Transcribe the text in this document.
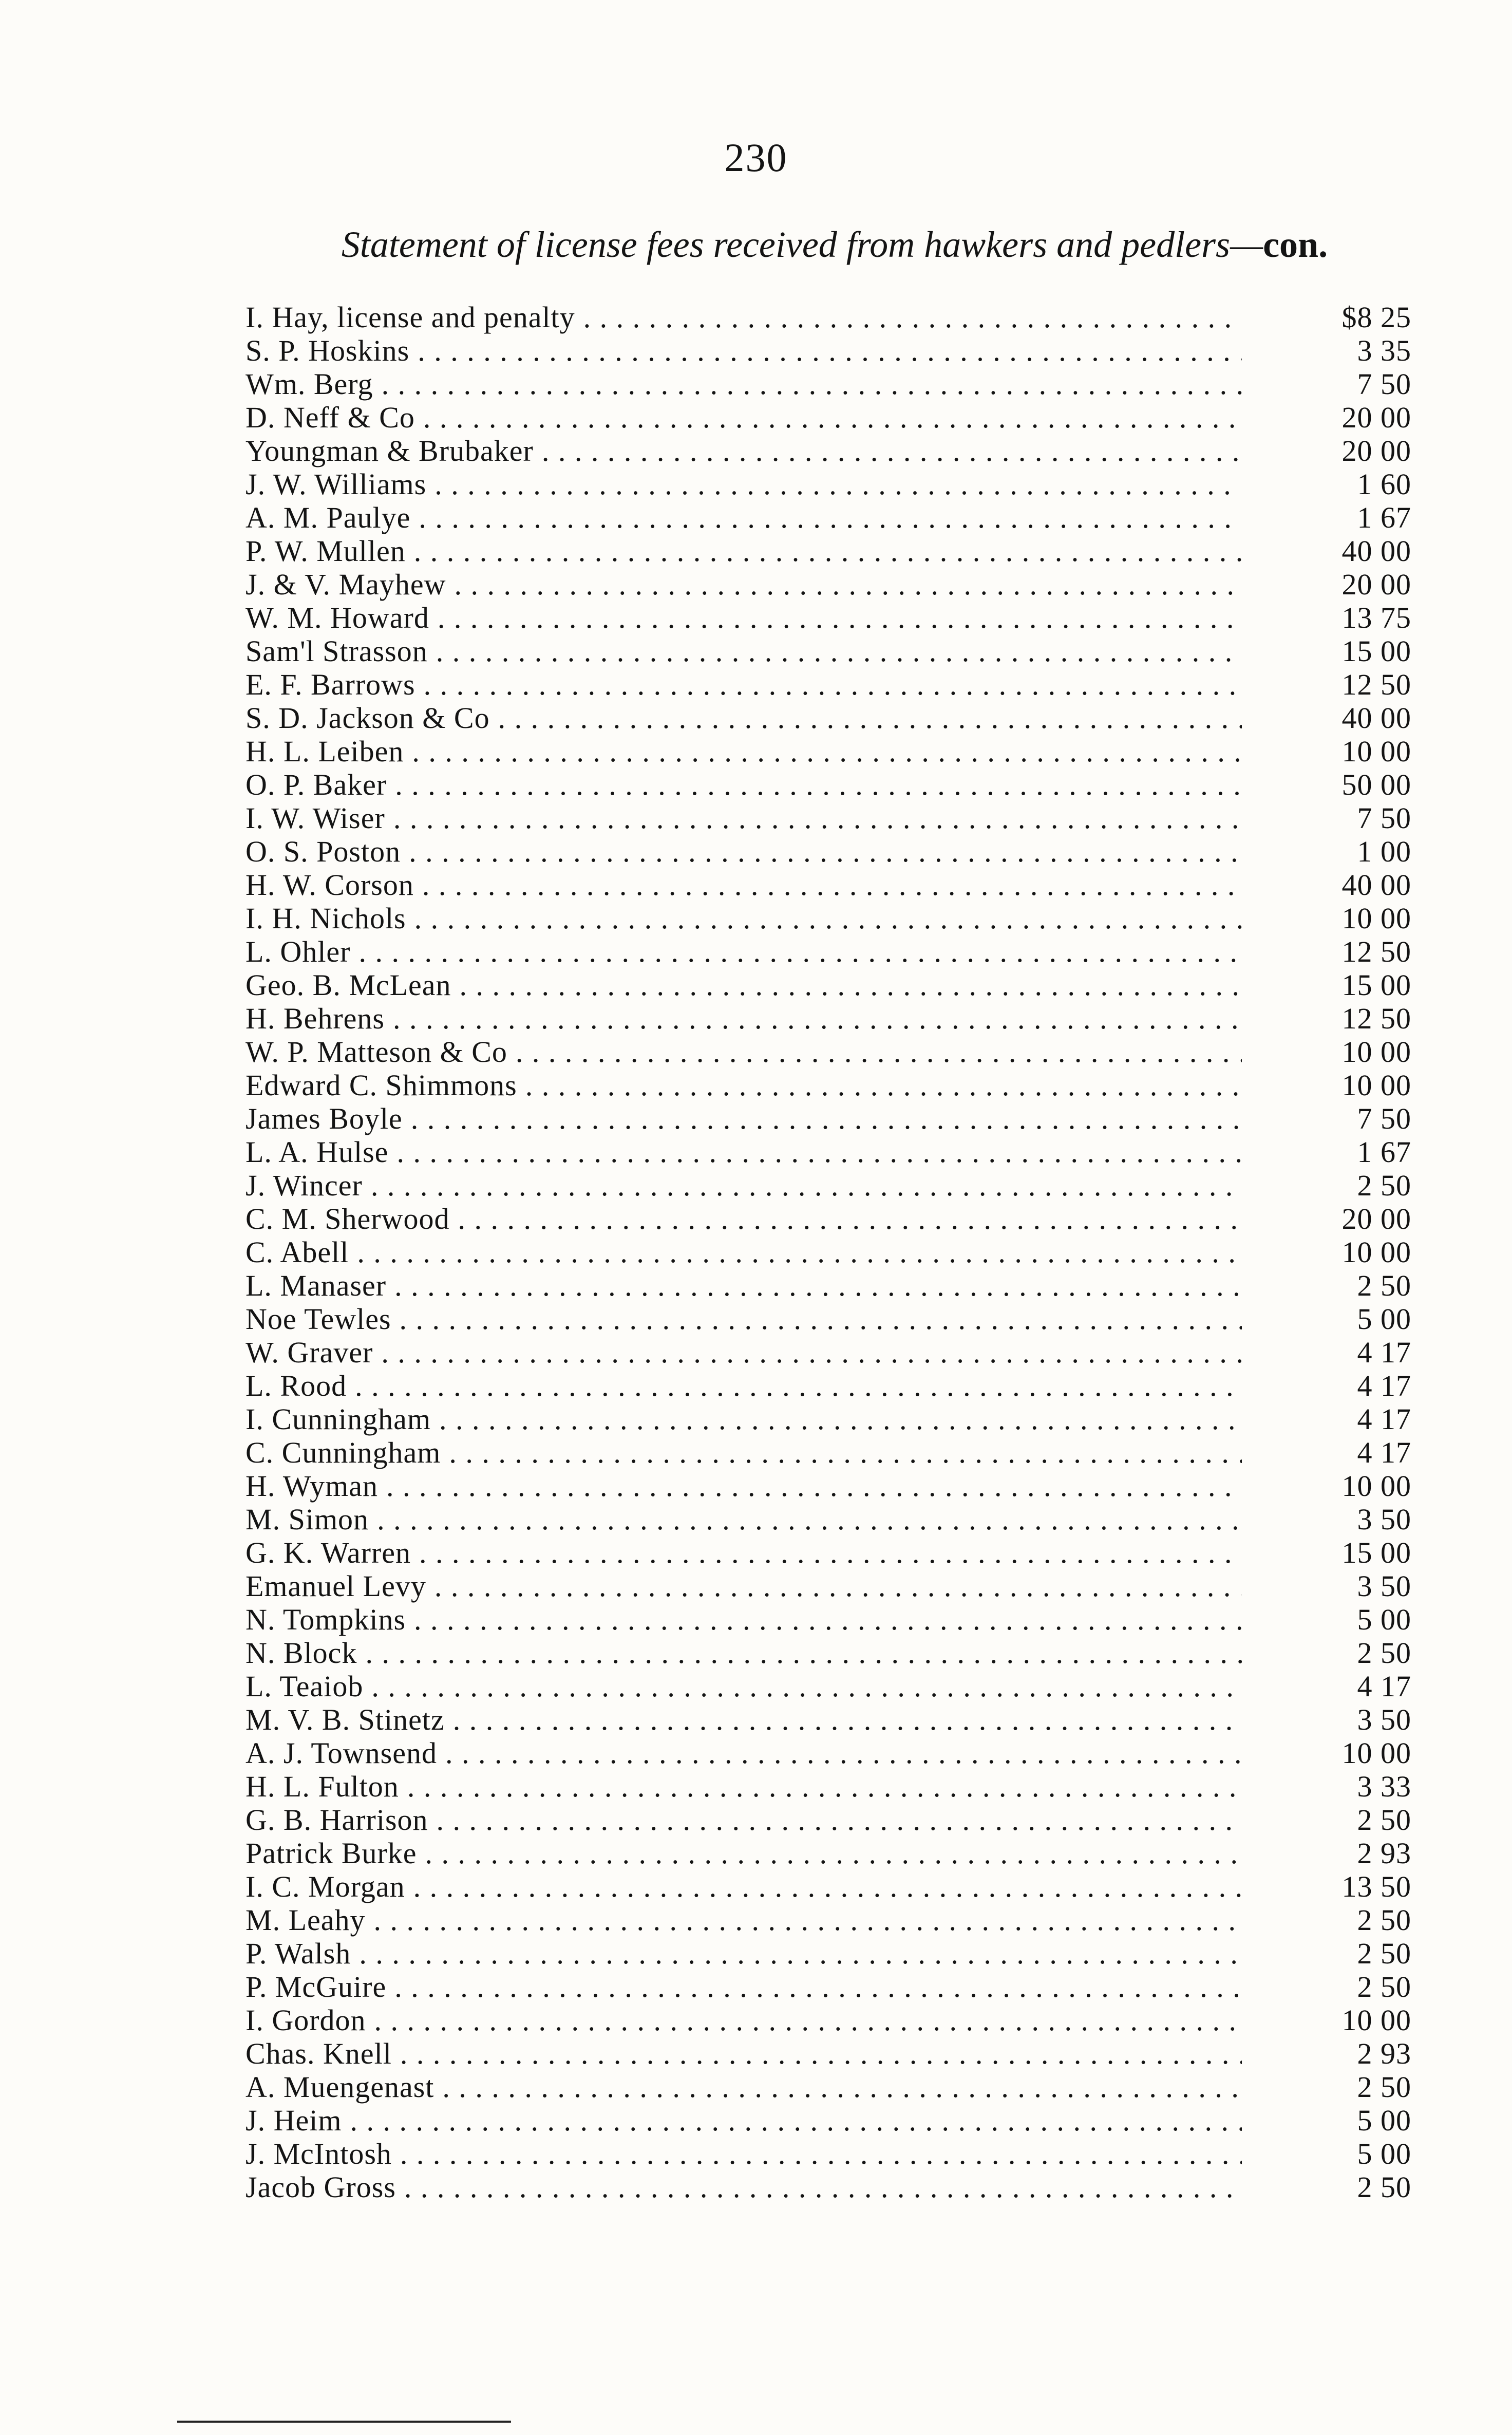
230
Statement of license fees received from hawkers and pedlers—con.
I. Hay, license and penalty . . .	$8 25
S. P. Hoskins . . .	3 35
Wm. Berg . . .	7 50
D. Neff & Co . . .	20 00
Youngman & Brubaker . . .	20 00
J. W. Williams . . .	1 60
A. M. Paulye . . .	1 67
P. W. Mullen . . .	40 00
J. & V. Mayhew . . .	20 00
W. M. Howard . . .	13 75
Sam'l Strasson . . .	15 00
E. F. Barrows . . .	12 50
S. D. Jackson & Co . . .	40 00
H. L. Leiben . . .	10 00
O. P. Baker . . .	50 00
I. W. Wiser . . .	7 50
O. S. Poston . . .	1 00
H. W. Corson . . .	40 00
I. H. Nichols . . .	10 00
L. Ohler . . .	12 50
Geo. B. McLean . . .	15 00
H. Behrens . . .	12 50
W. P. Matteson & Co . . .	10 00
Edward C. Shimmons . . .	10 00
James Boyle . . .	7 50
L. A. Hulse . . .	1 67
J. Wincer . . .	2 50
C. M. Sherwood . . .	20 00
C. Abell . . .	10 00
L. Manaser . . .	2 50
Noe Tewles . . .	5 00
W. Graver . . .	4 17
L. Rood . . .	4 17
I. Cunningham . . .	4 17
C. Cunningham . . .	4 17
H. Wyman . . .	10 00
M. Simon . . .	3 50
G. K. Warren . . .	15 00
Emanuel Levy . . .	3 50
N. Tompkins . . .	5 00
N. Block . . .	2 50
L. Teaiob . . .	4 17
M. V. B. Stinetz . . .	3 50
A. J. Townsend . . .	10 00
H. L. Fulton . . .	3 33
G. B. Harrison . . .	2 50
Patrick Burke . . .	2 93
I. C. Morgan . . .	13 50
M. Leahy . . .	2 50
P. Walsh . . .	2 50
P. McGuire . . .	2 50
I. Gordon . . .	10 00
Chas. Knell . . .	2 93
A. Muengenast . . .	2 50
J. Heim . . .	5 00
J. McIntosh . . .	5 00
Jacob Gross . . .	2 50
